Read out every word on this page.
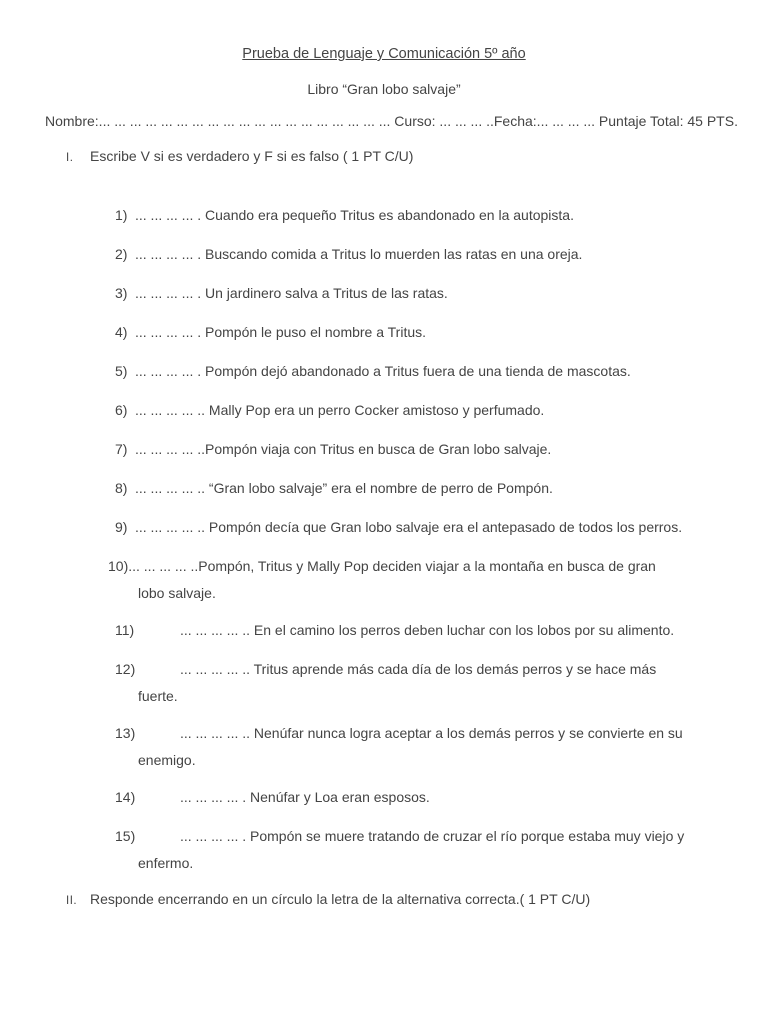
Prueba de Lenguaje y Comunicación 5º año
Libro “Gran lobo salvaje”
Nombre:... ... ... ... ... ... ... ... ... ... ... ... ... ... ... ... ... ... ... Curso: ... ... ... ..Fecha:... ... ... ... Puntaje Total: 45 PTS.
I. Escribe V si es verdadero y F si es falso ( 1 PT C/U)
1) ... ... ... ... . Cuando era pequeño Tritus es abandonado en la autopista.
2) ... ... ... ... . Buscando comida a Tritus lo muerden las ratas en una oreja.
3) ... ... ... ... . Un jardinero salva a Tritus de las ratas.
4) ... ... ... ... . Pompón le puso el nombre a Tritus.
5) ... ... ... ... . Pompón dejó abandonado a Tritus fuera de una tienda de mascotas.
6) ... ... ... ... .. Mally Pop era un perro Cocker amistoso y perfumado.
7) ... ... ... ... ..Pompón viaja con Tritus en busca de Gran lobo salvaje.
8) ... ... ... ... .. “Gran lobo salvaje” era el nombre de perro de Pompón.
9) ... ... ... ... .. Pompón decía que Gran lobo salvaje era el antepasado de todos los perros.
10)... ... ... ... ..Pompón, Tritus y Mally Pop deciden viajar a la montaña en busca de gran
lobo salvaje.
11)	... ... ... ... .. En el camino los perros deben luchar con los lobos por su alimento.
12)	... ... ... ... .. Tritus aprende más cada día de los demás perros y se hace más
fuerte.
13)	... ... ... ... .. Nenúfar nunca logra aceptar a los demás perros y se convierte en su
enemigo.
14)	... ... ... ... . Nenúfar y Loa eran esposos.
15)	... ... ... ... . Pompón se muere tratando de cruzar el río porque estaba muy viejo y
enfermo.
II. Responde encerrando en un círculo la letra de la alternativa correcta.( 1 PT C/U)
